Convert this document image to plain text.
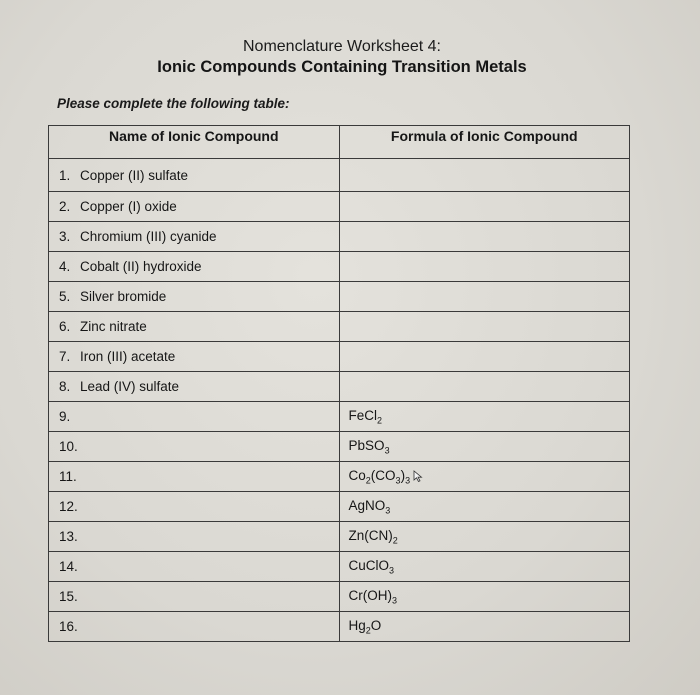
Nomenclature Worksheet 4:
Ionic Compounds Containing Transition Metals
Please complete the following table:
Name of Ionic Compound	Formula of Ionic Compound
1. Copper (II) sulfate	
2. Copper (I) oxide	
3. Chromium (III) cyanide	
4. Cobalt (II) hydroxide	
5. Silver bromide	
6. Zinc nitrate	
7. Iron (III) acetate	
8. Lead (IV) sulfate	
9.	FeCl$_2$
10.	PbSO$_3$
11.	$Co_2(CO_3)_3$
12.	AgNO$_3$
13.	$Zn(CN)_2$
14.	CuClO$_3$
15.	$Cr(OH)_3$
16.	$Hg_2O$
